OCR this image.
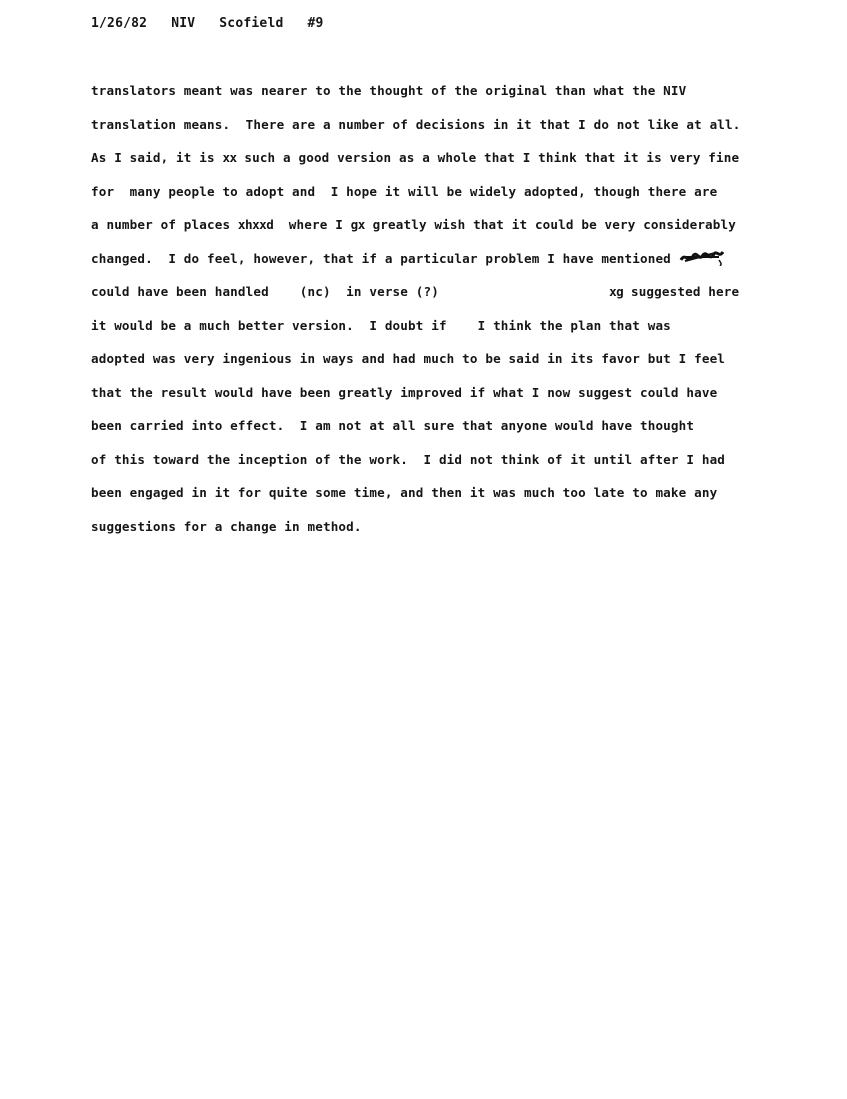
1/26/82 NIV Scofield #9
translators meant was nearer to the thought of the original than what the NIV
translation means.  There are a number of decisions in it that I do not like at all.
As I said, it is xx such a good version as a whole that I think that it is very fine
for  many people to adopt and  I hope it will be widely adopted, though there are
a number of places xhxxd  where I gx greatly wish that it could be very considerably
changed.  I do feel, however, that if a particular problem I have mentioned
could have been handled    (nc)  in verse (?)                      xg suggested here
it would be a much better version.  I doubt if    I think the plan that was
adopted was very ingenious in ways and had much to be said in its favor but I feel
that the result would have been greatly improved if what I now suggest could have
been carried into effect.  I am not at all sure that anyone would have thought
of this toward the inception of the work.  I did not think of it until after I had
been engaged in it for quite some time, and then it was much too late to make any
suggestions for a change in method.
